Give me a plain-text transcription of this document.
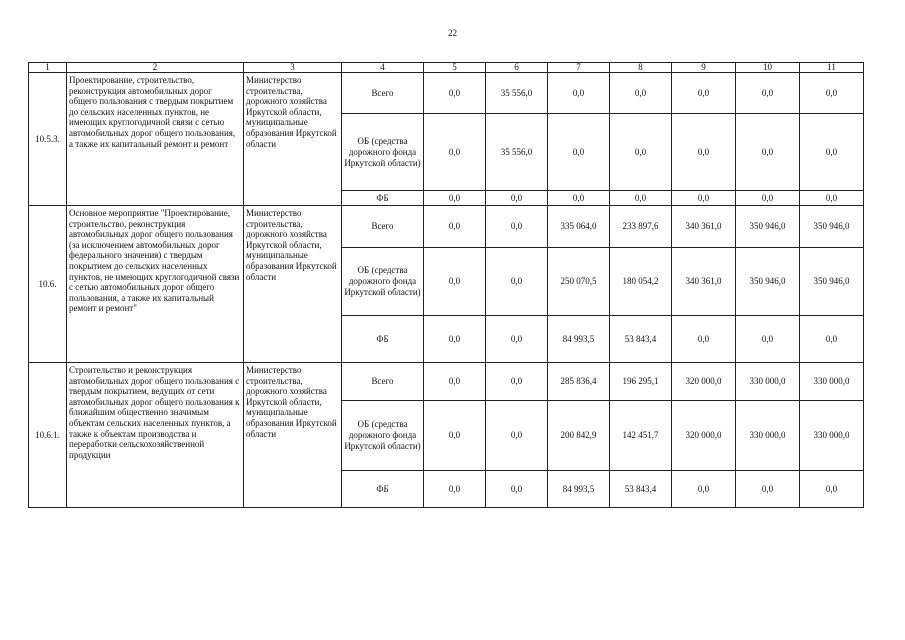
22
1	2	3	4	5	6	7	8	9	10	11
10.5.3.	Проектирование, строительство, реконструкция автомобильных дорог общего пользования с твердым покрытием до сельских населенных пунктов, не имеющих круглогодичной связи с сетью автомобильных дорог общего пользования, а также их капитальный ремонт и ремонт	Министерство строительства, дорожного хозяйства Иркутской области, муниципальные образования Иркутской области	Всего	0,0	35 556,0	0,0	0,0	0,0	0,0	0,0
			ОБ (средства дорожного фонда Иркутской области)	0,0	35 556,0	0,0	0,0	0,0	0,0	0,0
			ФБ	0,0	0,0	0,0	0,0	0,0	0,0	0,0
10.6.	Основное мероприятие "Проектирование, строительство, реконструкция автомобильных дорог общего пользования (за исключением автомобильных дорог федерального значения) с твердым покрытием до сельских населенных пунктов, не имеющих круглогодичной связи с сетью автомобильных дорог общего пользования, а также их капитальный ремонт и ремонт"	Министерство строительства, дорожного хозяйства Иркутской области, муниципальные образования Иркутской области	Всего	0,0	0,0	335 064,0	233 897,6	340 361,0	350 946,0	350 946,0
			ОБ (средства дорожного фонда Иркутской области)	0,0	0,0	250 070,5	180 054,2	340 361,0	350 946,0	350 946,0
			ФБ	0,0	0,0	84 993,5	53 843,4	0,0	0,0	0,0
10.6.1.	Строительство и реконструкция автомобильных дорог общего пользования с твердым покрытием, ведущих от сети автомобильных дорог общего пользования к ближайшим общественно значимым объектам сельских населенных пунктов, а также к объектам производства и переработки сельскохозяйственной продукции	Министерство строительства, дорожного хозяйства Иркутской области, муниципальные образования Иркутской области	Всего	0,0	0,0	285 836,4	196 295,1	320 000,0	330 000,0	330 000,0
			ОБ (средства дорожного фонда Иркутской области)	0,0	0,0	200 842,9	142 451,7	320 000,0	330 000,0	330 000,0
			ФБ	0,0	0,0	84 993,5	53 843,4	0,0	0,0	0,0
